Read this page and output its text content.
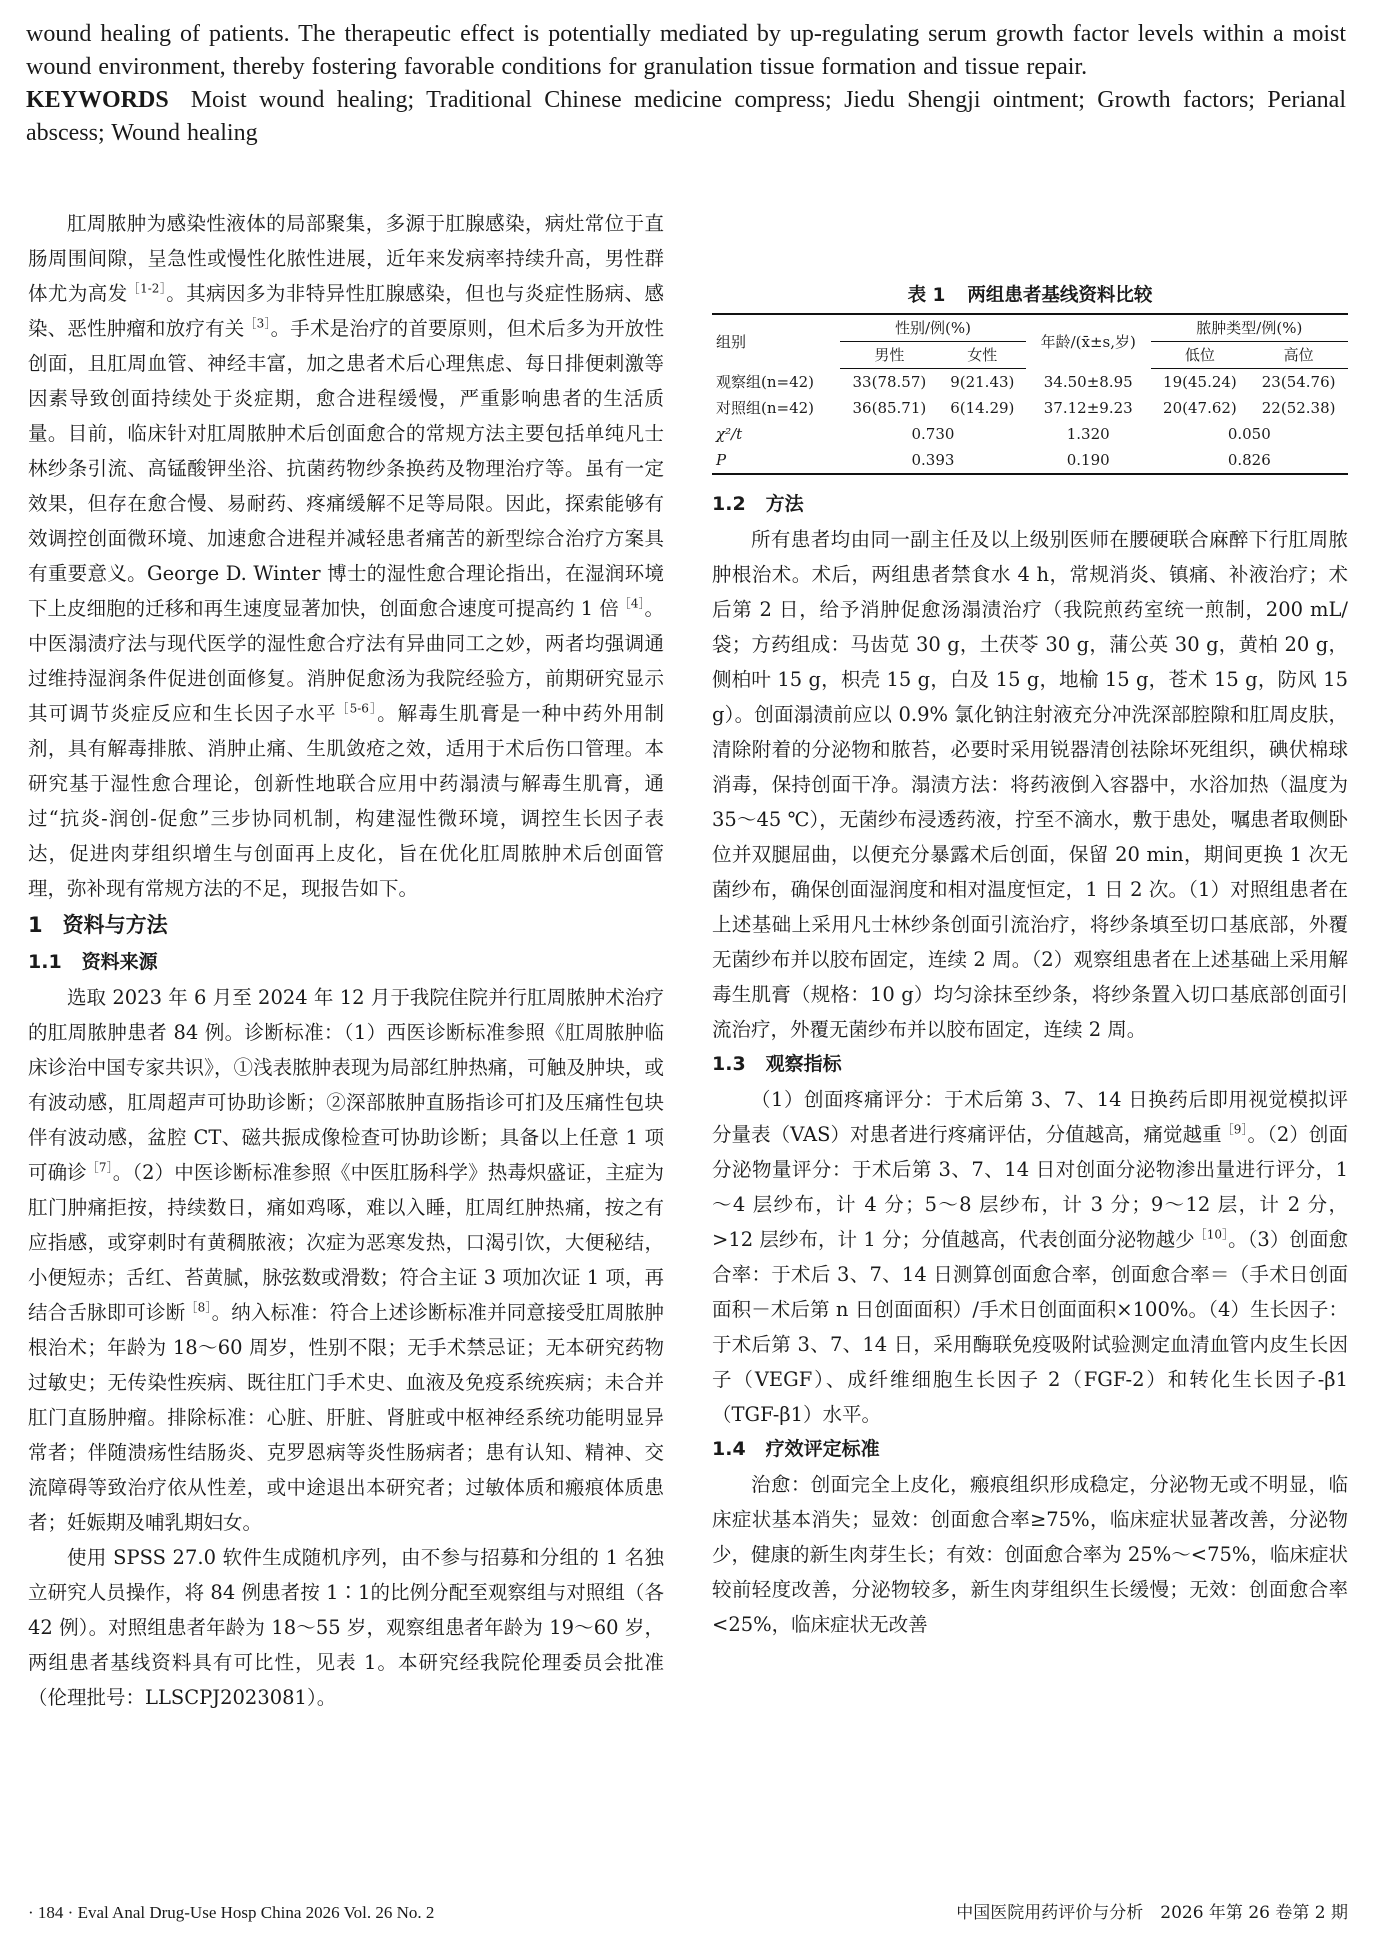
wound healing of patients. The therapeutic effect is potentially mediated by up-regulating serum growth factor levels within a moist wound environment, thereby fostering favorable conditions for granulation tissue formation and tissue repair.

KEYWORDS Moist wound healing; Traditional Chinese medicine compress; Jiedu Shengji ointment; Growth factors; Perianal abscess; Wound healing

肛周脓肿为感染性液体的局部聚集，多源于肛腺感染，病灶常位于直肠周围间隙，呈急性或慢性化脓性进展，近年来发病率持续升高，男性群体尤为高发$^{[1-2]}$。其病因多为非特异性肛腺感染，但也与炎症性肠病、感染、恶性肿瘤和放疗有关$^{[3]}$。手术是治疗的首要原则，但术后多为开放性创面，且肛周血管、神经丰富，加之患者术后心理焦虑、每日排便刺激等因素导致创面持续处于炎症期，愈合进程缓慢，严重影响患者的生活质量。目前，临床针对肛周脓肿术后创面愈合的常规方法主要包括单纯凡士林纱条引流、高锰酸钾坐浴、抗菌药物纱条换药及物理治疗等。虽有一定效果，但存在愈合慢、易耐药、疼痛缓解不足等局限。因此，探索能够有效调控创面微环境、加速愈合进程并减轻患者痛苦的新型综合治疗方案具有重要意义。George D. Winter 博士的湿性愈合理论指出，在湿润环境下上皮细胞的迁移和再生速度显著加快，创面愈合速度可提高约 1 倍$^{[4]}$。中医溻渍疗法与现代医学的湿性愈合疗法有异曲同工之妙，两者均强调通过维持湿润条件促进创面修复。消肿促愈汤为我院经验方，前期研究显示其可调节炎症反应和生长因子水平$^{[5-6]}$。解毒生肌膏是一种中药外用制剂，具有解毒排脓、消肿止痛、生肌敛疮之效，适用于术后伤口管理。本研究基于湿性愈合理论，创新性地联合应用中药溻渍与解毒生肌膏，通过“抗炎-润创-促愈”三步协同机制，构建湿性微环境，调控生长因子表达，促进肉芽组织增生与创面再上皮化，旨在优化肛周脓肿术后创面管理，弥补现有常规方法的不足，现报告如下。

1 资料与方法
1.1 资料来源

选取 2023 年 6 月至 2024 年 12 月于我院住院并行肛周脓肿术治疗的肛周脓肿患者 84 例。诊断标准：（1）西医诊断标准参照《肛周脓肿临床诊治中国专家共识》，①浅表脓肿表现为局部红肿热痛，可触及肿块，或有波动感，肛周超声可协助诊断；②深部脓肿直肠指诊可扪及压痛性包块伴有波动感，盆腔 CT、磁共振成像检查可协助诊断；具备以上任意 1 项可确诊$^{[7]}$。（2）中医诊断标准参照《中医肛肠科学》热毒炽盛证，主症为肛门肿痛拒按，持续数日，痛如鸡啄，难以入睡，肛周红肿热痛，按之有应指感，或穿刺时有黄稠脓液；次症为恶寒发热，口渴引饮，大便秘结，小便短赤；舌红、苔黄腻，脉弦数或滑数；符合主证 3 项加次证 1 项，再结合舌脉即可诊断$^{[8]}$。纳入标准：符合上述诊断标准并同意接受肛周脓肿根治术；年龄为 18～60 周岁，性别不限；无手术禁忌证；无本研究药物过敏史；无传染性疾病、既往肛门手术史、血液及免疫系统疾病；未合并肛门直肠肿瘤。排除标准：心脏、肝脏、肾脏或中枢神经系统功能明显异常者；伴随溃疡性结肠炎、克罗恩病等炎性肠病者；患有认知、精神、交流障碍等致治疗依从性差，或中途退出本研究者；过敏体质和瘢痕体质患者；妊娠期及哺乳期妇女。

使用 SPSS 27.0 软件生成随机序列，由不参与招募和分组的 1 名独立研究人员操作，将 84 例患者按 1∶1的比例分配至观察组与对照组（各 42 例）。对照组患者年龄为 18～55 岁，观察组患者年龄为 19～60 岁，两组患者基线资料具有可比性，见表 1。本研究经我院伦理委员会批准（伦理批号：LLSCPJ2023081）。

表 1 两组患者基线资料比较
组别	性别/例(%)		年龄/(x̄±s,岁)	脓肿类型/例(%)	
	男性	女性		低位	高位
观察组(n=42)	33(78.57)	9(21.43)	34.50±8.95	19(45.24)	23(54.76)
对照组(n=42)	36(85.71)	6(14.29)	37.12±9.23	20(47.62)	22(52.38)
χ²/t	0.730		1.320	0.050	
P	0.393		0.190	0.826	
1.2 方法

所有患者均由同一副主任及以上级别医师在腰硬联合麻醉下行肛周脓肿根治术。术后，两组患者禁食水 4 h，常规消炎、镇痛、补液治疗；术后第 2 日，给予消肿促愈汤溻渍治疗（我院煎药室统一煎制，200 mL/袋；方药组成：马齿苋 30 g，土茯苓 30 g，蒲公英 30 g，黄柏 20 g，侧柏叶 15 g，枳壳 15 g，白及 15 g，地榆 15 g，苍术 15 g，防风 15 g）。创面溻渍前应以 0.9% 氯化钠注射液充分冲洗深部腔隙和肛周皮肤，清除附着的分泌物和脓苔，必要时采用锐器清创祛除坏死组织，碘伏棉球消毒，保持创面干净。溻渍方法：将药液倒入容器中，水浴加热（温度为 35～45 ℃），无菌纱布浸透药液，拧至不滴水，敷于患处，嘱患者取侧卧位并双腿屈曲，以便充分暴露术后创面，保留 20 min，期间更换 1 次无菌纱布，确保创面湿润度和相对温度恒定，1 日 2 次。（1）对照组患者在上述基础上采用凡士林纱条创面引流治疗，将纱条填至切口基底部，外覆无菌纱布并以胶布固定，连续 2 周。（2）观察组患者在上述基础上采用解毒生肌膏（规格：10 g）均匀涂抹至纱条，将纱条置入切口基底部创面引流治疗，外覆无菌纱布并以胶布固定，连续 2 周。

1.3 观察指标

（1）创面疼痛评分：于术后第 3、7、14 日换药后即用视觉模拟评分量表（VAS）对患者进行疼痛评估，分值越高，痛觉越重$^{[9]}$。（2）创面分泌物量评分：于术后第 3、7、14 日对创面分泌物渗出量进行评分，1～4 层纱布，计 4 分；5～8 层纱布，计 3 分；9～12 层，计 2 分，>12 层纱布，计 1 分；分值越高，代表创面分泌物越少$^{[10]}$。（3）创面愈合率：于术后 3、7、14 日测算创面愈合率，创面愈合率＝（手术日创面面积－术后第 n 日创面面积）/手术日创面面积×100%。（4）生长因子：于术后第 3、7、14 日，采用酶联免疫吸附试验测定血清血管内皮生长因子（VEGF）、成纤维细胞生长因子 2（FGF-2）和转化生长因子-β1（TGF-β1）水平。

1.4 疗效评定标准

治愈：创面完全上皮化，瘢痕组织形成稳定，分泌物无或不明显，临床症状基本消失；显效：创面愈合率≥75%，临床症状显著改善，分泌物少，健康的新生肉芽生长；有效：创面愈合率为 25%～<75%，临床症状较前轻度改善，分泌物较多，新生肉芽组织生长缓慢；无效：创面愈合率<25%，临床症状无改善

· 184 · Eval Anal Drug-Use Hosp China 2026 Vol. 26 No. 2	中国医院用药评价与分析　2026 年第 26 卷第 2 期
